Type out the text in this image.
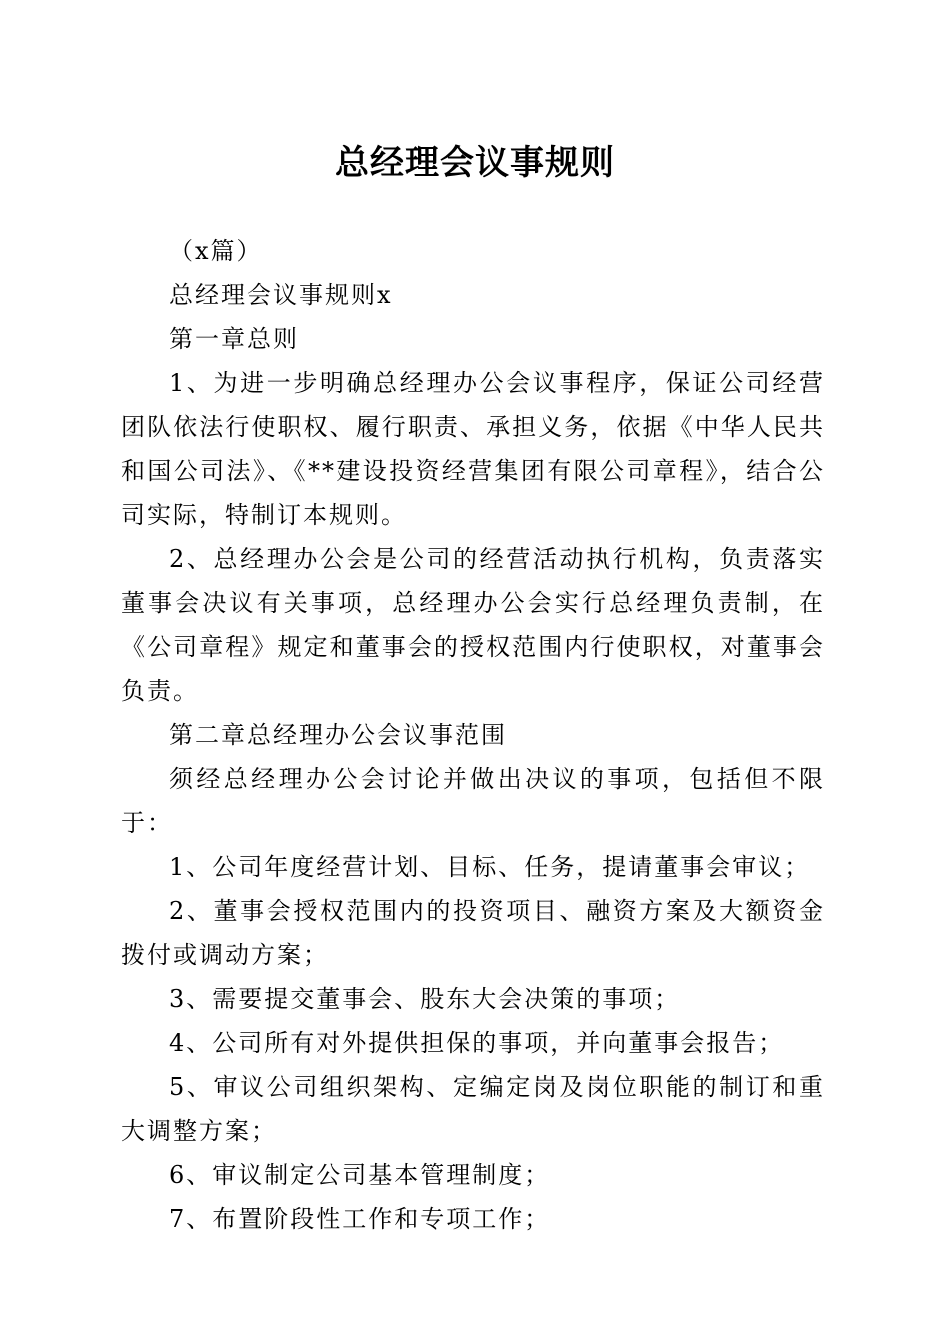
总经理会议事规则

（x篇）

总经理会议事规则x

第一章总则

1、为进一步明确总经理办公会议事程序，保证公司经营团队依法行使职权、履行职责、承担义务，依据《中华人民共和国公司法》、《**建设投资经营集团有限公司章程》，结合公司实际，特制订本规则。

2、总经理办公会是公司的经营活动执行机构，负责落实董事会决议有关事项，总经理办公会实行总经理负责制，在《公司章程》规定和董事会的授权范围内行使职权，对董事会负责。

第二章总经理办公会议事范围

须经总经理办公会讨论并做出决议的事项，包括但不限于：

1、公司年度经营计划、目标、任务，提请董事会审议；

2、董事会授权范围内的投资项目、融资方案及大额资金拨付或调动方案；

3、需要提交董事会、股东大会决策的事项；

4、公司所有对外提供担保的事项，并向董事会报告；

5、审议公司组织架构、定编定岗及岗位职能的制订和重大调整方案；

6、审议制定公司基本管理制度；

7、布置阶段性工作和专项工作；
